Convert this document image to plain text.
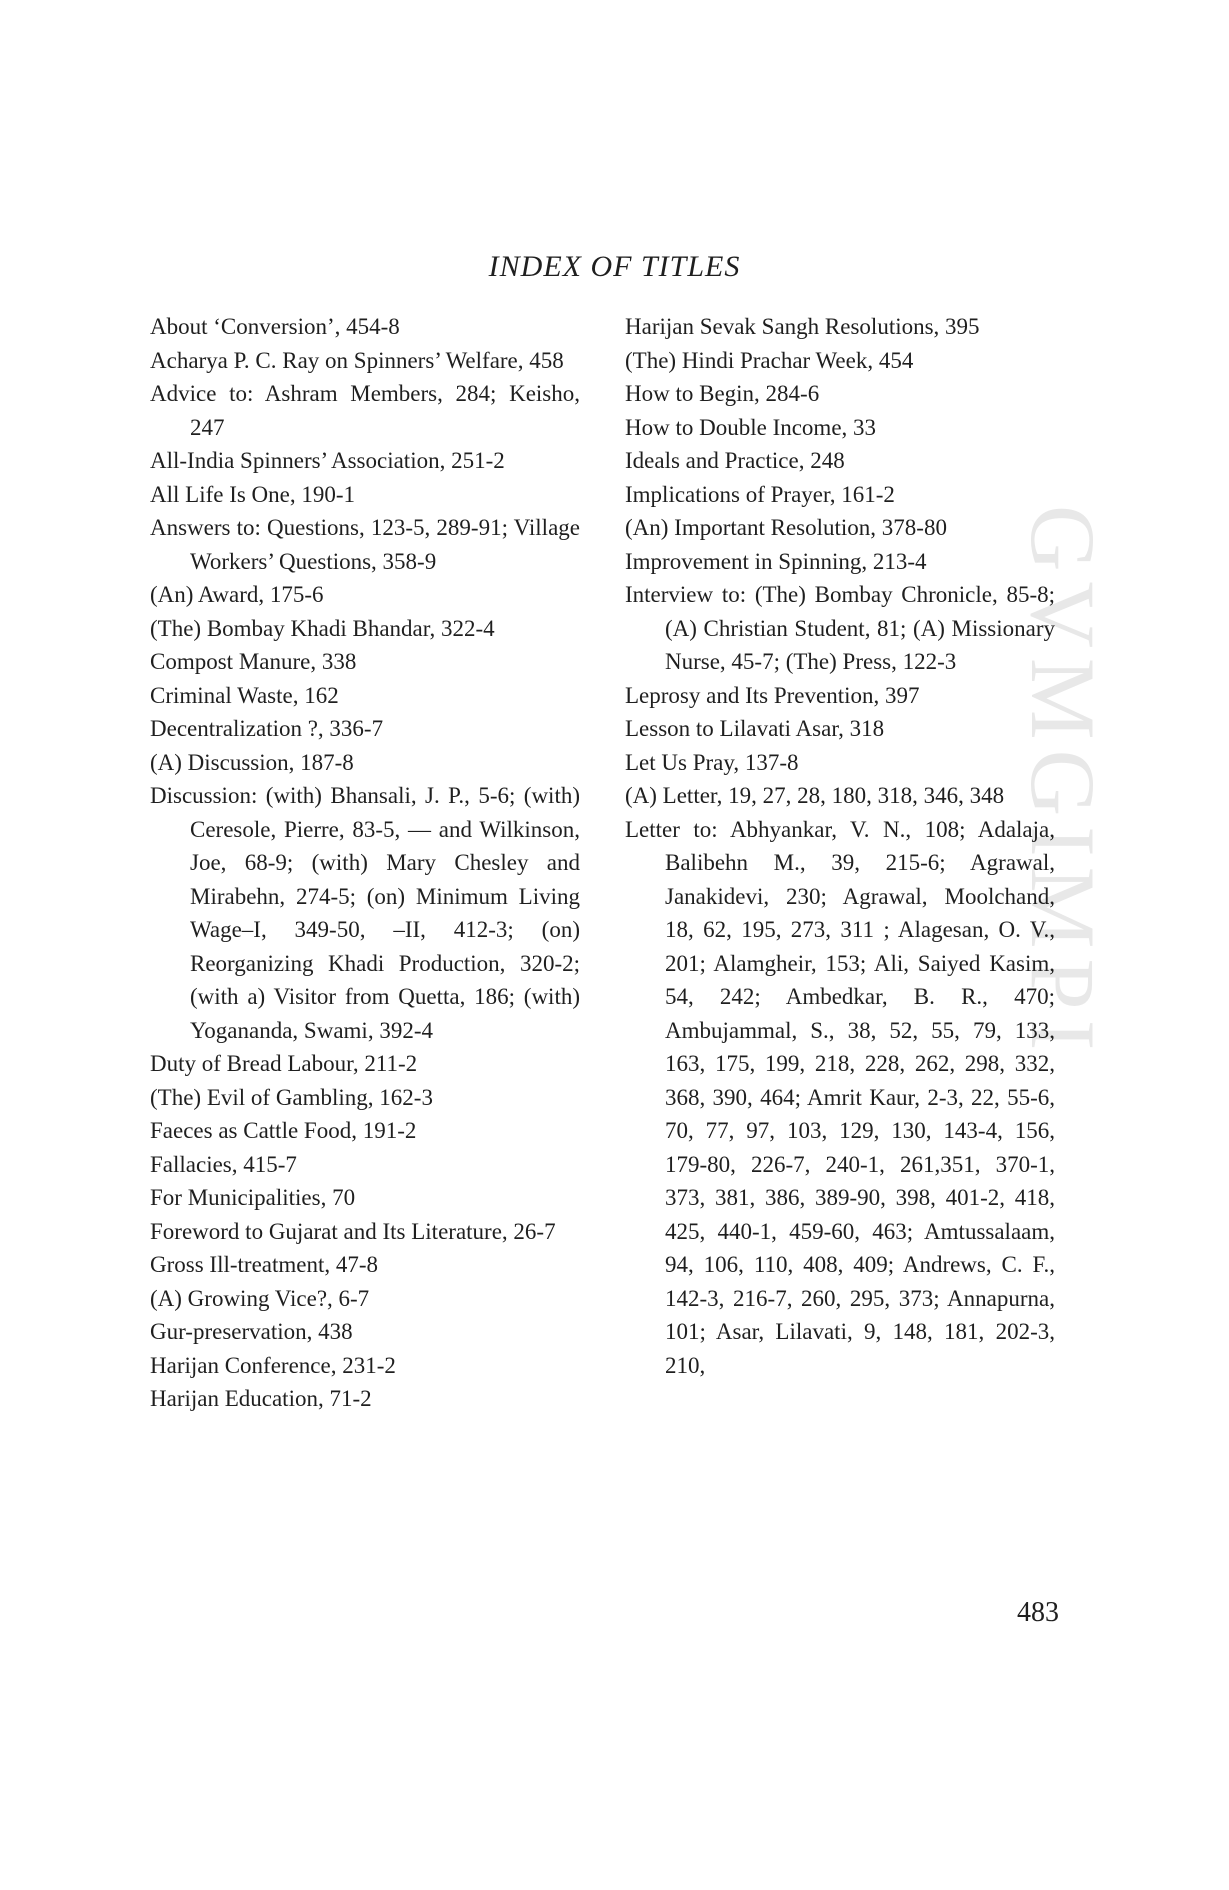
GVMGIMPI
INDEX OF TITLES
About ‘Conversion’, 454-8
Acharya P. C. Ray on Spinners’ Welfare, 458
Advice to: Ashram Members, 284; Keisho, 247
All-India Spinners’ Association, 251-2
All Life Is One, 190-1
Answers to: Questions, 123-5, 289-91; Village Workers’ Questions, 358-9
(An) Award, 175-6
(The) Bombay Khadi Bhandar, 322-4
Compost Manure, 338
Criminal Waste, 162
Decentralization ?, 336-7
(A) Discussion, 187-8
Discussion: (with) Bhansali, J. P., 5-6; (with) Ceresole, Pierre, 83-5, — and Wilkinson, Joe, 68-9; (with) Mary Chesley and Mirabehn, 274-5; (on) Minimum Living Wage–I, 349-50, –II, 412-3; (on) Reorganizing Khadi Production, 320-2; (with a) Visitor from Quetta, 186; (with) Yogananda, Swami, 392-4
Duty of Bread Labour, 211-2
(The) Evil of Gambling, 162-3
Faeces as Cattle Food, 191-2
Fallacies, 415-7
For Municipalities, 70
Foreword to Gujarat and Its Literature, 26-7
Gross Ill-treatment, 47-8
(A) Growing Vice?, 6-7
Gur-preservation, 438
Harijan Conference, 231-2
Harijan Education, 71-2
Harijan Sevak Sangh Resolutions, 395
(The) Hindi Prachar Week, 454
How to Begin, 284-6
How to Double Income, 33
Ideals and Practice, 248
Implications of Prayer, 161-2
(An) Important Resolution, 378-80
Improvement in Spinning, 213-4
Interview to: (The) Bombay Chronicle, 85-8; (A) Christian Student, 81; (A) Missionary Nurse, 45-7; (The) Press, 122-3
Leprosy and Its Prevention, 397
Lesson to Lilavati Asar, 318
Let Us Pray, 137-8
(A) Letter, 19, 27, 28, 180, 318, 346, 348
Letter to: Abhyankar, V. N., 108; Adalaja, Balibehn M., 39, 215-6; Agrawal, Janakidevi, 230; Agrawal, Moolchand, 18, 62, 195, 273, 311 ; Alagesan, O. V., 201; Alamgheir, 153; Ali, Saiyed Kasim, 54, 242; Ambedkar, B. R., 470; Ambujammal, S., 38, 52, 55, 79, 133, 163, 175, 199, 218, 228, 262, 298, 332, 368, 390, 464; Amrit Kaur, 2-3, 22, 55-6, 70, 77, 97, 103, 129, 130, 143-4, 156, 179-80, 226-7, 240-1, 261,351, 370-1, 373, 381, 386, 389-90, 398, 401-2, 418, 425, 440-1, 459-60, 463; Amtussalaam, 94, 106, 110, 408, 409; Andrews, C. F., 142-3, 216-7, 260, 295, 373; Annapurna, 101; Asar, Lilavati, 9, 148, 181, 202-3, 210,
483
